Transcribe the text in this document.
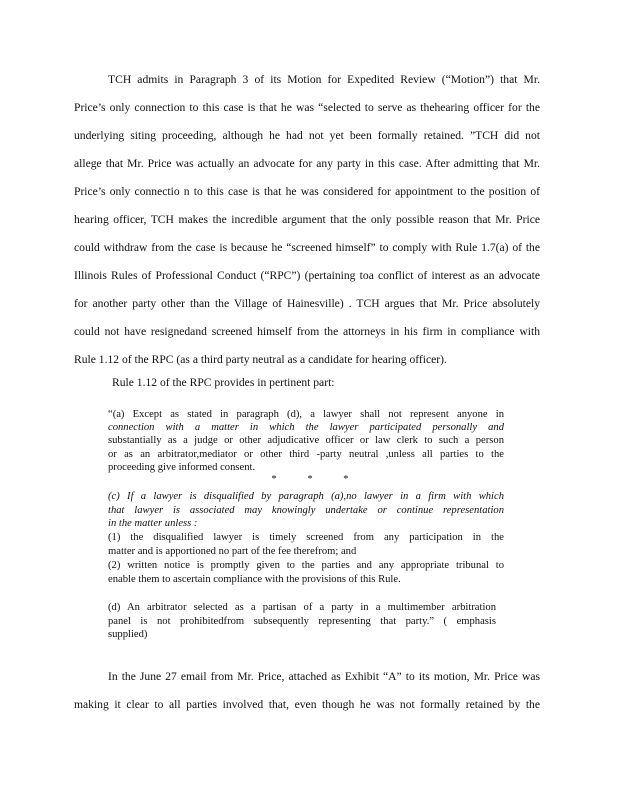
TCH admits in Paragraph 3 of its Motion for Expedited Review (“Motion”) that Mr.
Price’s only connection to this case is that he was “selected to serve as thehearing officer for the
underlying siting proceeding, although he had not yet been formally retained. ”TCH did not
allege that Mr. Price was actually an advocate for any party in this case. After admitting that Mr.
Price’s only connectio n to this case is that he was considered for appointment to the position of
hearing officer, TCH makes the incredible argument that the only possible reason that Mr. Price
could withdraw from the case is because he “screened himself” to comply with Rule 1.7(a) of the
Illinois Rules of Professional Conduct (“RPC”) (pertaining toa conflict of interest as an advocate
for another party other than the Village of Hainesville) . TCH argues that Mr. Price absolutely
could not have resignedand screened himself from the attorneys in his firm in compliance with
Rule 1.12 of the RPC (as a third party neutral as a candidate for hearing officer).
Rule 1.12 of the RPC provides in pertinent part:
“(a) Except as stated in paragraph (d), a lawyer shall not represent anyone in
connection with a matter in which the lawyer participated personally and
substantially as a judge or other adjudicative officer or law clerk to such a person
or as an arbitrator,mediator or other third -party neutral ,unless all parties to the
proceeding give informed consent.
* * *
(c) If a lawyer is disqualified by paragraph (a),no lawyer in a firm with which
that lawyer is associated may knowingly undertake or continue representation
in the matter unless :
(1) the disqualified lawyer is timely screened from any participation in the
matter and is apportioned no part of the fee therefrom; and
(2) written notice is promptly given to the parties and any appropriate tribunal to
enable them to ascertain compliance with the provisions of this Rule.
(d) An arbitrator selected as a partisan of a party in a multimember arbitration
panel is not prohibitedfrom subsequently representing that party.” ( emphasis
supplied)
In the June 27 email from Mr. Price, attached as Exhibit “A” to its motion, Mr. Price was
making it clear to all parties involved that, even though he was not formally retained by the
